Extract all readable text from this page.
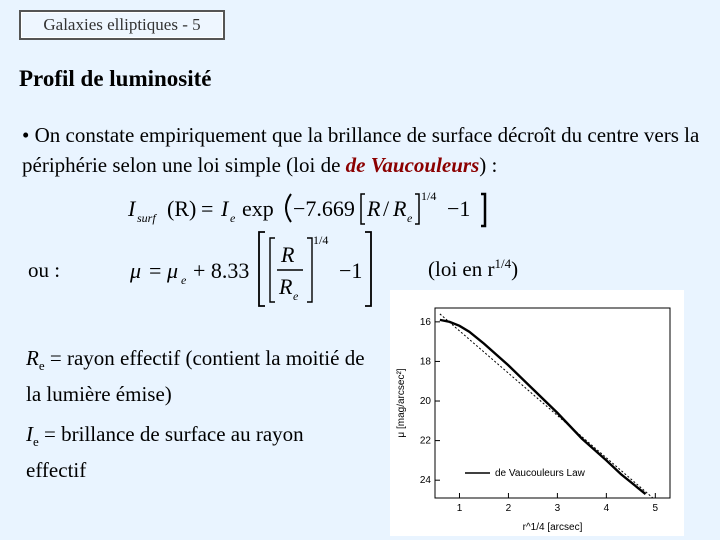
Galaxies elliptiques - 5
Profil de luminosité
• On constate empiriquement que la brillance de surface décroît du centre vers la périphérie selon une loi simple (loi de de Vaucouleurs) :
I surf (R) = I e exp −7.669 R / R e
1/4 −1
ou :	μ = μ e + 8.33
R
R e
1/4
−1	(loi en $r^{1/4}$)
$R_e$ = rayon effectif (contient la moitié de la lumière émise)
$I_e$ = brillance de surface au rayon effectif
1	2	3	4	5
16
18
20
22
24
r^1/4 [arcsec]
μ [mag/arcsec²]
de Vaucouleurs Law
